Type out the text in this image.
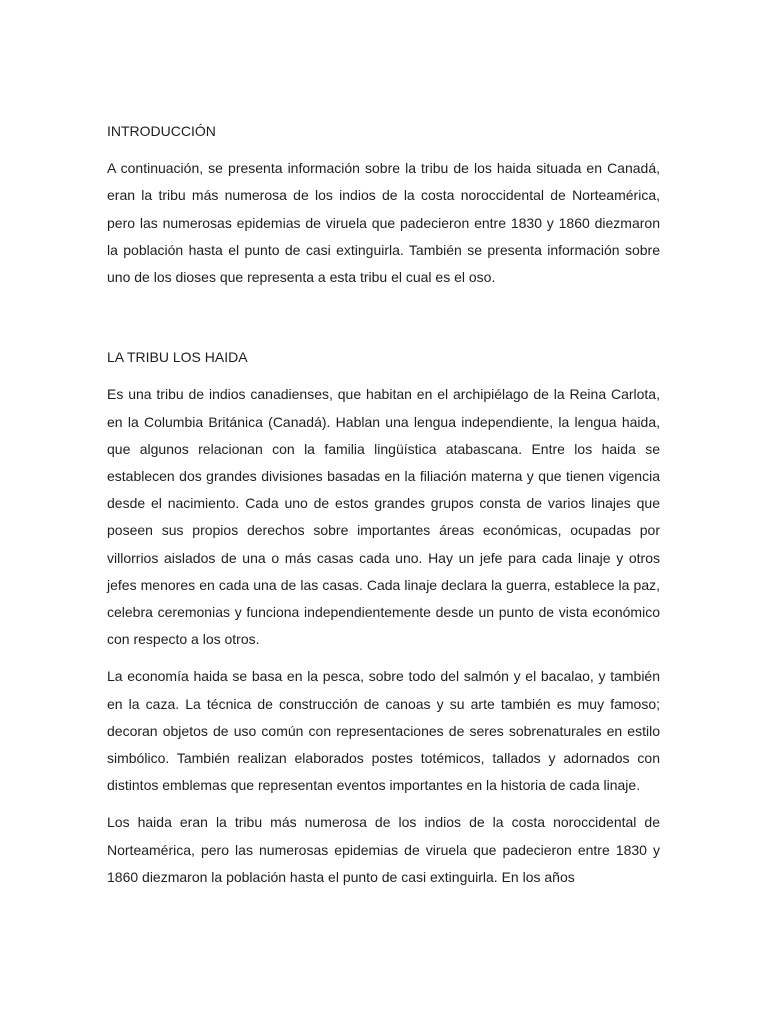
INTRODUCCIÓN

A continuación, se presenta información sobre la tribu de los haida situada en Canadá, eran la tribu más numerosa de los indios de la costa noroccidental de Norteamérica, pero las numerosas epidemias de viruela que padecieron entre 1830 y 1860 diezmaron la población hasta el punto de casi extinguirla. También se presenta información sobre uno de los dioses que representa a esta tribu el cual es el oso.

LA TRIBU LOS HAIDA

Es una tribu de indios canadienses, que habitan en el archipiélago de la Reina Carlota, en la Columbia Británica (Canadá). Hablan una lengua independiente, la lengua haida, que algunos relacionan con la familia lingüística atabascana. Entre los haida se establecen dos grandes divisiones basadas en la filiación materna y que tienen vigencia desde el nacimiento. Cada uno de estos grandes grupos consta de varios linajes que poseen sus propios derechos sobre importantes áreas económicas, ocupadas por villorrios aislados de una o más casas cada uno. Hay un jefe para cada linaje y otros jefes menores en cada una de las casas. Cada linaje declara la guerra, establece la paz, celebra ceremonias y funciona independientemente desde un punto de vista económico con respecto a los otros.

La economía haida se basa en la pesca, sobre todo del salmón y el bacalao, y también en la caza. La técnica de construcción de canoas y su arte también es muy famoso; decoran objetos de uso común con representaciones de seres sobrenaturales en estilo simbólico. También realizan elaborados postes totémicos, tallados y adornados con distintos emblemas que representan eventos importantes en la historia de cada linaje.

Los haida eran la tribu más numerosa de los indios de la costa noroccidental de Norteamérica, pero las numerosas epidemias de viruela que padecieron entre 1830 y 1860 diezmaron la población hasta el punto de casi extinguirla. En los años
